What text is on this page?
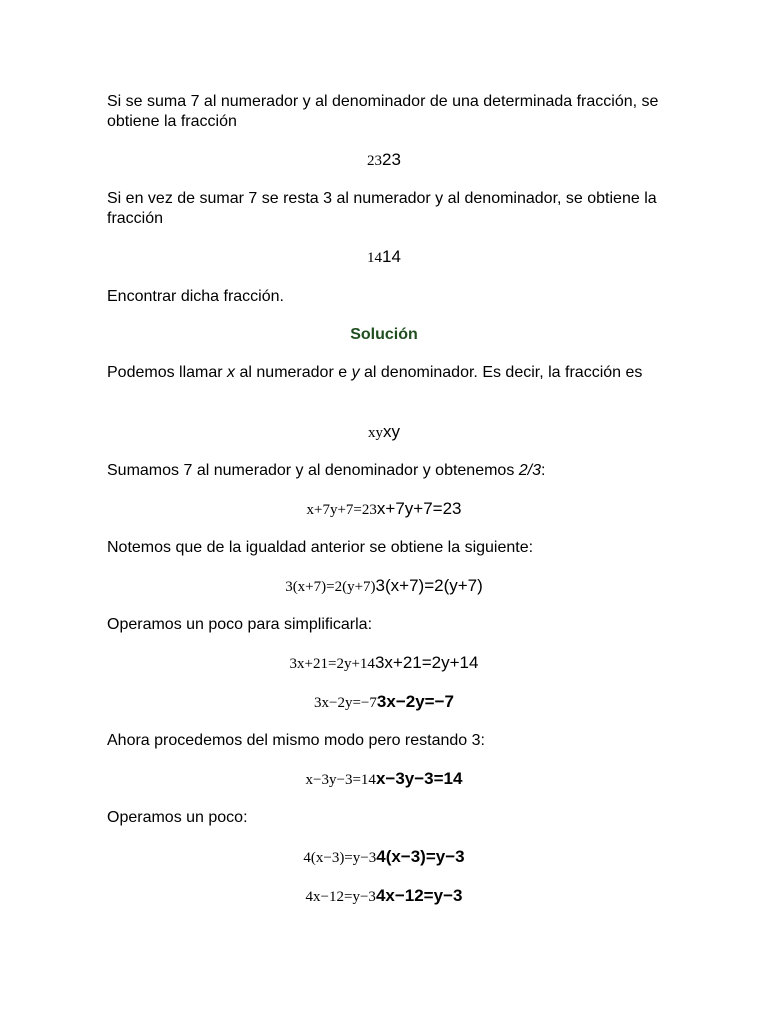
Si se suma 7 al numerador y al denominador de una determinada fracción, se obtiene la fracción

2323

Si en vez de sumar 7 se resta 3 al numerador y al denominador, se obtiene la fracción

1414

Encontrar dicha fracción.

Solución

Podemos llamar x al numerador e y al denominador. Es decir, la fracción es

xyxy

Sumamos 7 al numerador y al denominador y obtenemos 2/3:

x+7y+7=23x+7y+7=23

Notemos que de la igualdad anterior se obtiene la siguiente:

3(x+7)=2(y+7)3(x+7)=2(y+7)

Operamos un poco para simplificarla:

3x+21=2y+143x+21=2y+14
3x−2y=−73x−2y=−7

Ahora procedemos del mismo modo pero restando 3:

x−3y−3=14x−3y−3=14

Operamos un poco:

4(x−3)=y−34(x−3)=y−3
4x−12=y−34x−12=y−3
